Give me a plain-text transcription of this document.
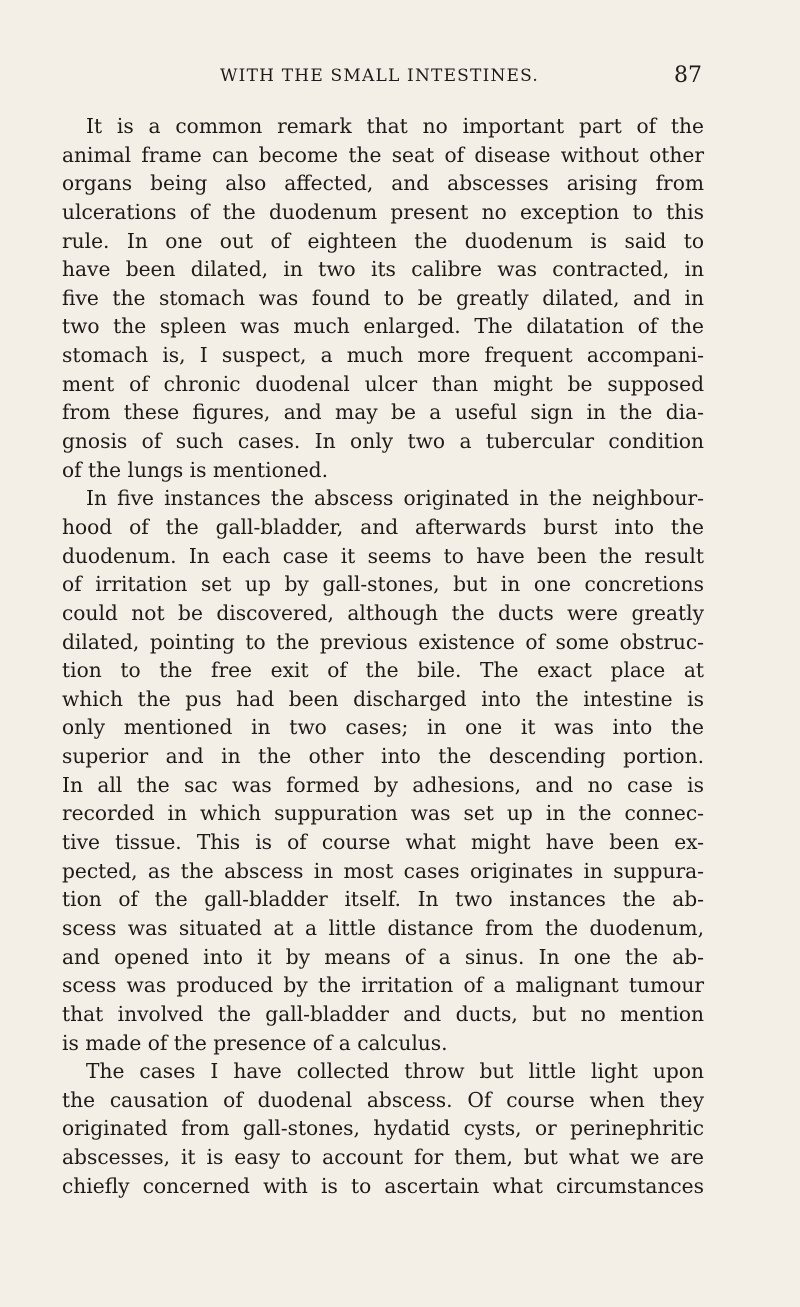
WITH THE SMALL INTESTINES.	87
It is a common remark that no important part of the
animal frame can become the seat of disease without other
organs being also affected, and abscesses arising from
ulcerations of the duodenum present no exception to this
rule. In one out of eighteen the duodenum is said to
have been dilated, in two its calibre was contracted, in
five the stomach was found to be greatly dilated, and in
two the spleen was much enlarged. The dilatation of the
stomach is, I suspect, a much more frequent accompani-
ment of chronic duodenal ulcer than might be supposed
from these figures, and may be a useful sign in the dia-
gnosis of such cases. In only two a tubercular condition
of the lungs is mentioned.
In five instances the abscess originated in the neighbour-
hood of the gall-bladder, and afterwards burst into the
duodenum. In each case it seems to have been the result
of irritation set up by gall-stones, but in one concretions
could not be discovered, although the ducts were greatly
dilated, pointing to the previous existence of some obstruc-
tion to the free exit of the bile. The exact place at
which the pus had been discharged into the intestine is
only mentioned in two cases; in one it was into the
superior and in the other into the descending portion.
In all the sac was formed by adhesions, and no case is
recorded in which suppuration was set up in the connec-
tive tissue. This is of course what might have been ex-
pected, as the abscess in most cases originates in suppura-
tion of the gall-bladder itself. In two instances the ab-
scess was situated at a little distance from the duodenum,
and opened into it by means of a sinus. In one the ab-
scess was produced by the irritation of a malignant tumour
that involved the gall-bladder and ducts, but no mention
is made of the presence of a calculus.
The cases I have collected throw but little light upon
the causation of duodenal abscess. Of course when they
originated from gall-stones, hydatid cysts, or perinephritic
abscesses, it is easy to account for them, but what we are
chiefly concerned with is to ascertain what circumstances
